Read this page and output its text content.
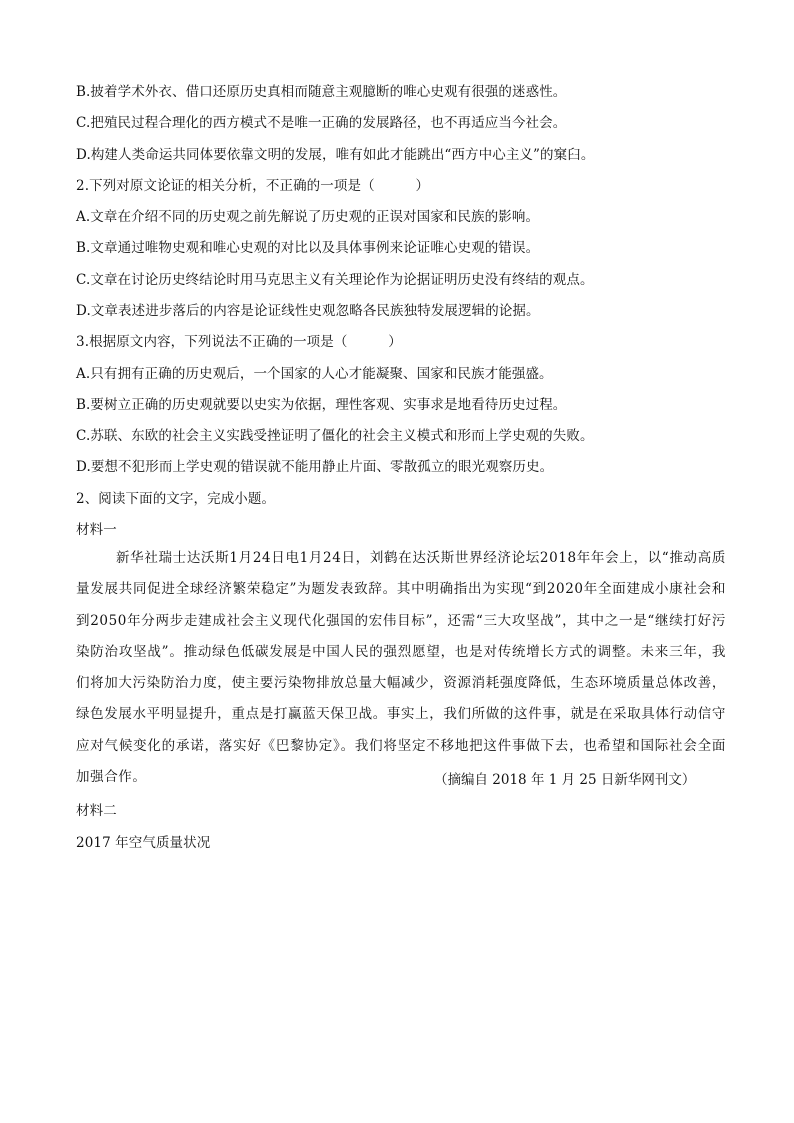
B.披着学术外衣、借口还原历史真相而随意主观臆断的唯心史观有很强的迷惑性。
C.把殖民过程合理化的西方模式不是唯一正确的发展路径，也不再适应当今社会。
D.构建人类命运共同体要依靠文明的发展，唯有如此才能跳出“西方中心主义”的窠臼。
2.下列对原文论证的相关分析，不正确的一项是（　　　）
A.文章在介绍不同的历史观之前先解说了历史观的正误对国家和民族的影响。
B.文章通过唯物史观和唯心史观的对比以及具体事例来论证唯心史观的错误。
C.文章在讨论历史终结论时用马克思主义有关理论作为论据证明历史没有终结的观点。
D.文章表述进步落后的内容是论证线性史观忽略各民族独特发展逻辑的论据。
3.根据原文内容，下列说法不正确的一项是（　　　）
A.只有拥有正确的历史观后，一个国家的人心才能凝聚、国家和民族才能强盛。
B.要树立正确的历史观就要以史实为依据，理性客观、实事求是地看待历史过程。
C.苏联、东欧的社会主义实践受挫证明了僵化的社会主义模式和形而上学史观的失败。
D.要想不犯形而上学史观的错误就不能用静止片面、零散孤立的眼光观察历史。
2、阅读下面的文字，完成小题。
材料一
新华社瑞士达沃斯1月24日电1月24日，刘鹤在达沃斯世界经济论坛2018年年会上，以“推动高质量发展共同促进全球经济繁荣稳定”为题发表致辞。其中明确指出为实现“到2020年全面建成小康社会和到2050年分两步走建成社会主义现代化强国的宏伟目标”，还需“三大攻坚战”，其中之一是“继续打好污染防治攻坚战”。推动绿色低碳发展是中国人民的强烈愿望，也是对传统增长方式的调整。未来三年，我们将加大污染防治力度，使主要污染物排放总量大幅减少，资源消耗强度降低，生态环境质量总体改善，绿色发展水平明显提升，重点是打赢蓝天保卫战。事实上，我们所做的这件事，就是在采取具体行动信守应对气候变化的承诺，落实好《巴黎协定》。我们将坚定不移地把这件事做下去，也希望和国际社会全面加强合作。	（摘编自 2018 年 1 月 25 日新华网刊文）
材料二
2017 年空气质量状况
